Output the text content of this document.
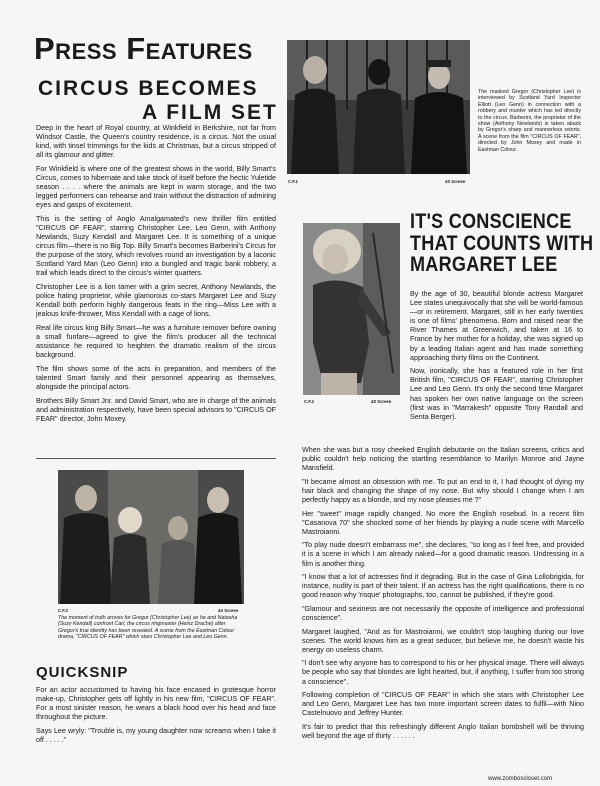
Press Features
CIRCUS BECOMES
A FILM SET

Deep in the heart of Royal country, at Winkfield in Berkshire, not far from Windsor Castle, the Queen's country residence, is a circus. Not the usual kind, with tinsel trimmings for the kids at Christmas, but a circus stripped of all its glamour and glitter.

For Winkfield is where one of the greatest shows in the world, Billy Smart's Circus, comes to hibernate and take stock of itself before the hectic Yuletide season . . . . where the animals are kept in warm storage, and the two legged performers can rehearse and train without the distraction of admiring eyes and gasps of excitement.

This is the setting of Anglo Amalgamated's new thriller film entitled "CIRCUS OF FEAR", starring Christopher Lee, Leo Genn, with Anthony Newlands, Suzy Kendall and Margaret Lee. It is something of a unique circus film—there is no Big Top. Billy Smart's becomes Barberini's Circus for the purpose of the story, which revolves round an investigation by a laconic Scotland Yard Man (Leo Genn) into a bungled and tragic bank robbery, a trail which leads direct to the circus's winter quarters.

Christopher Lee is a lion tamer with a grim secret, Anthony Newlands, the police hating proprietor, while glamorous co-stars Margaret Lee and Suzy Kendall both perform highly dangerous feats in the ring—Miss Lee with a jealous knife-thrower, Miss Kendall with a cage of lions.

Real life circus king Billy Smart—he was a furniture remover before owning a small funfare—agreed to give the film's producer all the technical assistance he required to heighten the dramatic realism of the circus background.

The film shows some of the acts in preparation, and members of the talented Smart family and their personnel appearing as themselves, alongside the principal actors.

Brothers Billy Smart Jnr. and David Smart, who are in charge of the animals and administration respectively, have been special advisors to "CIRCUS OF FEAR" director, John Moxey.

C.F.1	4S Screen
The masked Gregor (Christopher Lee) is interviewed by Scotland Yard Inspector Elliott (Leo Genn) in connection with a robbery and murder which has led directly to the circus. Barberini, the proprietor of the show (Anthony Newlands) is taken aback by Gregor's sharp and mannerless retorts. A scene from the film "CIRCUS OF FEAR", directed by John Moxey and made in Eastman Colour.
C.F.2	4S Screen
IT'S CONSCIENCE
THAT COUNTS WITH
MARGARET LEE

By the age of 30, beautiful blonde actress Margaret Lee states unequivocally that she will be world-famous—or in retirement. Margaret, still in her early twenties is one of films' phenomena. Born and raised near the River Thames at Greenwich, and taken at 16 to France by her mother for a holiday, she was signed up by a leading Italian agent and has made something approaching thirty films on the Continent.

Now, ironically, she has a featured role in her first British film, "CIRCUS OF FEAR", starring Christopher Lee and Leo Genn. It's only the second time Margaret has spoken her own native language on the screen (first was in "Marrakesh" opposite Tony Randall and Senta Berger).

When she was but a rosy cheeked English debutante on the Italian screens, critics and public couldn't help noticing the startling resemblance to Marilyn Monroe and Jayne Mansfield.

"It became almost an obsession with me. To put an end to it, I had thought of dying my hair black and changing the shape of my nose. But why should I change when I am perfectly happy as a blonde, and my nose pleases me ?"

Her "sweet" image rapidly changed. No more the English rosebud. In a recent film "Casanova 70" she shocked some of her friends by playing a nude scene with Marcello Mastroianni.

"To play nude doesn't embarrass me", she declares, "so long as I feel free, and provided it is a scene in which I am already naked—for a good dramatic reason. Undressing in a film is another thing.

"I know that a lot of actresses find it degrading. But in the case of Gina Lollobrigida, for instance, nudity is part of their talent. If an actress has the right qualifications, there is no good reason why 'risque' photographs, too, cannot be published, if they're good.

"Glamour and sexiness are not necessarily the opposite of intelligence and professional conscience".

Margaret laughed, "And as for Mastroianni, we couldn't stop laughing during our love scenes. The world knows him as a great seducer, but believe me, he doesn't waste his energy on useless charm.

"I don't see why anyone has to correspond to his or her physical image. There will always be people who say that blondes are light hearted, but, if anything, I suffer from too strong a conscience".

Following completion of "CIRCUS OF FEAR" in which she stars with Christopher Lee and Leo Genn, Margaret Lee has two more important screen dates to fulfil—with Nino Castelnuovo and Jeffrey Hunter.

It's fair to predict that this refreshingly different Anglo Italian bombshell will be thriving well beyond the age of thirty . . . . . .

C.F.3	4S Screen
The moment of truth arrives for Gregor (Christopher Lee) as he and Natasha (Suzy Kendall) confront Carl, the circus ringmaster (Heinz Drache) after Gregor's true identity has been revealed. A scene from the Eastman Colour drama, "CIRCUS OF FEAR" which stars Christopher Lee and Leo Genn.
QUICKSNIP

For an actor accustomed to having his face encased in grotesque horror make-up, Christopher gets off lightly in his new film, "CIRCUS OF FEAR". For a most sinister reason, he wears a black hood over his head and face throughout the picture.

Says Lee wryly: "Trouble is, my young daughter now screams when I take it off . . . . ."

www.zomboscloset.com
